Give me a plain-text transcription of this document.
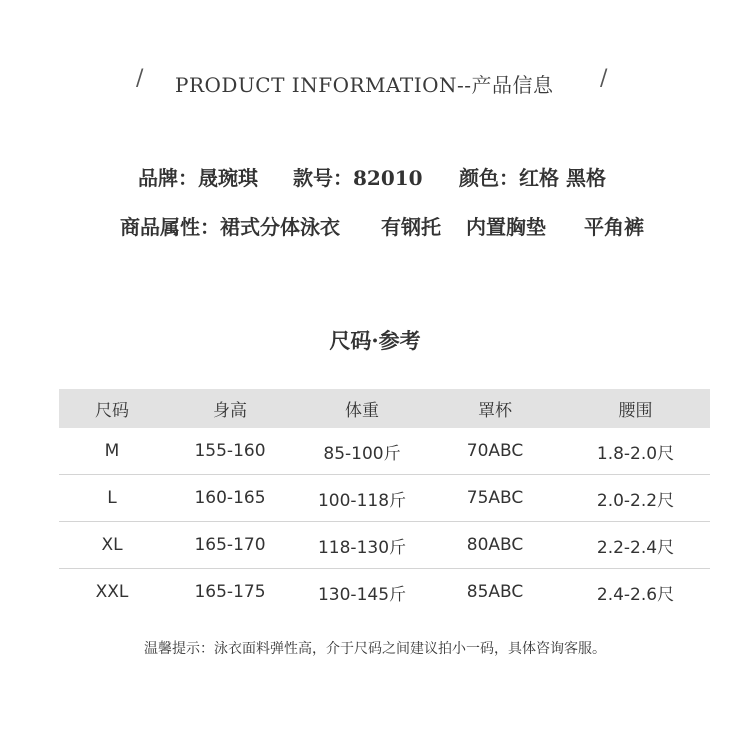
/ PRODUCT INFORMATION--产品信息	/
品牌：晟琬琪 款号：82010 颜色：红格 黑格
商品属性：裙式分体泳衣 有钢托 内置胸垫 平角裤
尺码·参考
尺码	身高	体重	罩杯	腰围
M	155-160	85-100斤	70ABC	1.8-2.0尺
L	160-165	100-118斤	75ABC	2.0-2.2尺
XL	165-170	118-130斤	80ABC	2.2-2.4尺
XXL	165-175	130-145斤	85ABC	2.4-2.6尺
温馨提示：泳衣面料弹性高，介于尺码之间建议拍小一码，具体咨询客服。
